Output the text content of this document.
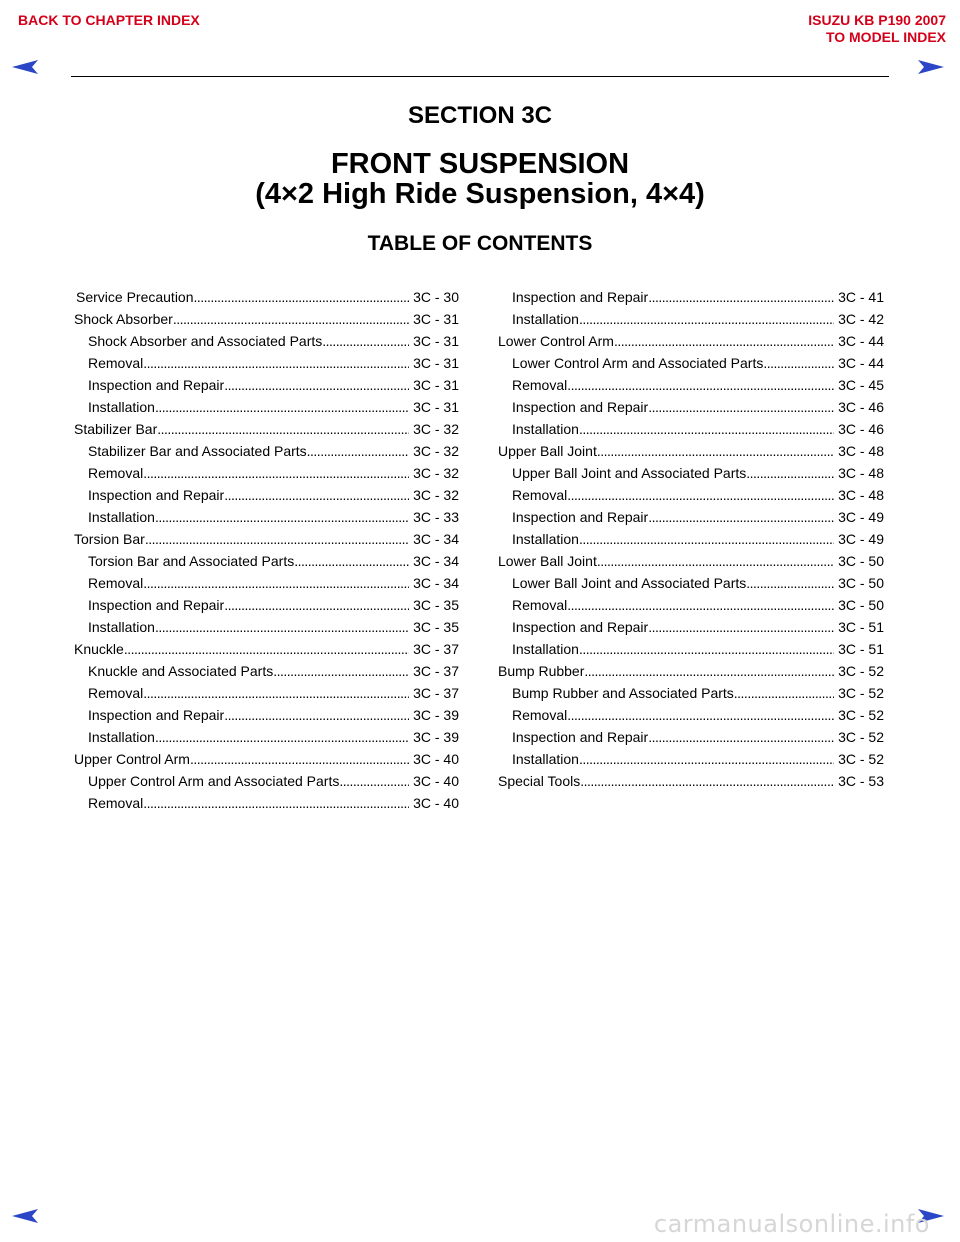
BACK TO CHAPTER INDEX	ISUZU KB P190 2007
TO MODEL INDEX
SECTION 3C
FRONT SUSPENSION
(4×2 High Ride Suspension, 4×4)
TABLE OF CONTENTS
Service Precaution . . .	3C - 30
Shock Absorber . . .	3C - 31
Shock Absorber and Associated Parts . . .	3C - 31
Removal . . .	3C - 31
Inspection and Repair . . .	3C - 31
Installation . . .	3C - 31
Stabilizer Bar . . .	3C - 32
Stabilizer Bar and Associated Parts . . .	3C - 32
Removal . . .	3C - 32
Inspection and Repair . . .	3C - 32
Installation . . .	3C - 33
Torsion Bar . . .	3C - 34
Torsion Bar and Associated Parts . . .	3C - 34
Removal . . .	3C - 34
Inspection and Repair . . .	3C - 35
Installation . . .	3C - 35
Knuckle . . .	3C - 37
Knuckle and Associated Parts . . .	3C - 37
Removal . . .	3C - 37
Inspection and Repair . . .	3C - 39
Installation . . .	3C - 39
Upper Control Arm . . .	3C - 40
Upper Control Arm and Associated Parts . . .	3C - 40
Removal . . .	3C - 40
Inspection and Repair . . .	3C - 41
Installation . . .	3C - 42
Lower Control Arm . . .	3C - 44
Lower Control Arm and Associated Parts . . .	3C - 44
Removal . . .	3C - 45
Inspection and Repair . . .	3C - 46
Installation . . .	3C - 46
Upper Ball Joint . . .	3C - 48
Upper Ball Joint and Associated Parts . . .	3C - 48
Removal . . .	3C - 48
Inspection and Repair . . .	3C - 49
Installation . . .	3C - 49
Lower Ball Joint . . .	3C - 50
Lower Ball Joint and Associated Parts . . .	3C - 50
Removal . . .	3C - 50
Inspection and Repair . . .	3C - 51
Installation . . .	3C - 51
Bump Rubber . . .	3C - 52
Bump Rubber and Associated Parts . . .	3C - 52
Removal . . .	3C - 52
Inspection and Repair . . .	3C - 52
Installation . . .	3C - 52
Special Tools . . .	3C - 53
carmanualsonline.info
